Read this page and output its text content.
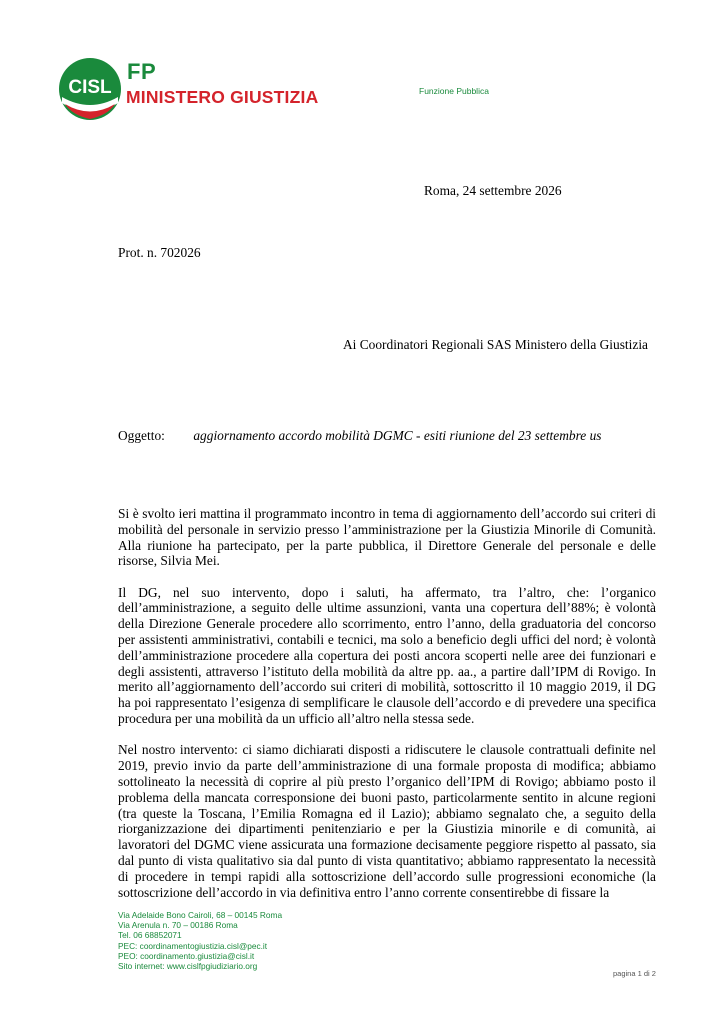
CISL
FP
MINISTERO GIUSTIZIA	Funzione Pubblica
Roma, 24 settembre 2026
Prot. n. 702026
Ai Coordinatori Regionali SAS Ministero della Giustizia
Oggetto: aggiornamento accordo mobilità DGMC - esiti riunione del 23 settembre us

Si è svolto ieri mattina il programmato incontro in tema di aggiornamento dell’accordo sui criteri di mobilità del personale in servizio presso l’amministrazione per la Giustizia Minorile di Comunità. Alla riunione ha partecipato, per la parte pubblica, il Direttore Generale del personale e delle risorse, Silvia Mei.

Il DG, nel suo intervento, dopo i saluti, ha affermato, tra l’altro, che: l’organico dell’amministrazione, a seguito delle ultime assunzioni, vanta una copertura dell’88%; è volontà della Direzione Generale procedere allo scorrimento, entro l’anno, della graduatoria del concorso per assistenti amministrativi, contabili e tecnici, ma solo a beneficio degli uffici del nord; è volontà dell’amministrazione procedere alla copertura dei posti ancora scoperti nelle aree dei funzionari e degli assistenti, attraverso l’istituto della mobilità da altre pp. aa., a partire dall’IPM di Rovigo. In merito all’aggiornamento dell’accordo sui criteri di mobilità, sottoscritto il 10 maggio 2019, il DG ha poi rappresentato l’esigenza di semplificare le clausole dell’accordo e di prevedere una specifica procedura per una mobilità da un ufficio all’altro nella stessa sede.

Nel nostro intervento: ci siamo dichiarati disposti a ridiscutere le clausole contrattuali definite nel 2019, previo invio da parte dell’amministrazione di una formale proposta di modifica; abbiamo sottolineato la necessità di coprire al più presto l’organico dell’IPM di Rovigo; abbiamo posto il problema della mancata corresponsione dei buoni pasto, particolarmente sentito in alcune regioni (tra queste la Toscana, l’Emilia Romagna ed il Lazio); abbiamo segnalato che, a seguito della riorganizzazione dei dipartimenti penitenziario e per la Giustizia minorile e di comunità, ai lavoratori del DGMC viene assicurata una formazione decisamente peggiore rispetto al passato, sia dal punto di vista qualitativo sia dal punto di vista quantitativo; abbiamo rappresentato la necessità di procedere in tempi rapidi alla sottoscrizione dell’accordo sulle progressioni economiche (la sottoscrizione dell’accordo in via definitiva entro l’anno corrente consentirebbe di fissare la

Via Adelaide Bono Cairoli, 68 – 00145 Roma
Via Arenula n. 70 – 00186 Roma
Tel. 06 68852071
PEC: coordinamentogiustizia.cisl@pec.it
PEO: coordinamento.giustizia@cisl.it
Sito internet: www.cislfpgiudiziario.org
pagina 1 di 2
